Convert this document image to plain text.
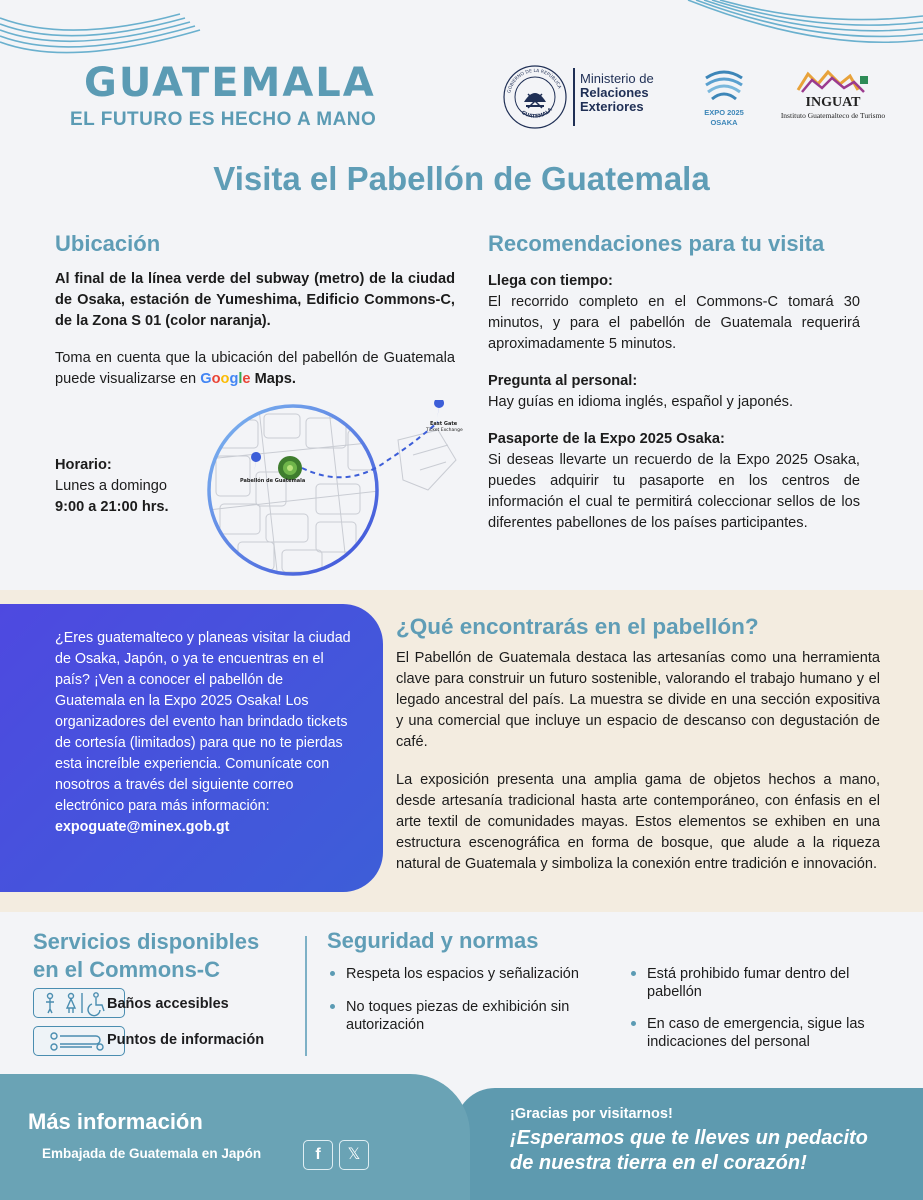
GUATEMALA
EL FUTURO ES HECHO A MANO
GOBIERNO DE LA REPÚBLICA
GUATEMALA
Ministerio de
Relaciones
Exteriores	EXPO 2025
OSAKA
INGUAT
Instituto Guatemalteco de Turismo
Visita el Pabellón de Guatemala
Ubicación
Al final de la línea verde del subway (metro) de la ciudad de Osaka, estación de Yumeshima, Edificio Commons-C, de la Zona S 01 (color naranja).
Toma en cuenta que la ubicación del pabellón de Guatemala puede visualizarse en Google Maps.
Horario:
Lunes a domingo
9:00 a 21:00 hrs.
Pabellón de Guatemala
East Gate
Ticket Exchange
Recomendaciones para tu visita
Llega con tiempo:
El recorrido completo en el Commons-C tomará 30 minutos, y para el pabellón de Guatemala requerirá aproximadamente 5 minutos.
Pregunta al personal:
Hay guías en idioma inglés, español y japonés.
Pasaporte de la Expo 2025 Osaka:
Si deseas llevarte un recuerdo de la Expo 2025 Osaka, puedes adquirir tu pasaporte en los centros de información el cual te permitirá coleccionar sellos de los diferentes pabellones de los países participantes.
¿Eres guatemalteco y planeas visitar la ciudad de Osaka, Japón, o ya te encuentras en el país? ¡Ven a conocer el pabellón de Guatemala en la Expo 2025 Osaka! Los organizadores del evento han brindado tickets de cortesía (limitados) para que no te pierdas esta increíble experiencia. Comunícate con nosotros a través del siguiente correo electrónico para más información:
expoguate@minex.gob.gt
¿Qué encontrarás en el pabellón?
El Pabellón de Guatemala destaca las artesanías como una herramienta clave para construir un futuro sostenible, valorando el trabajo humano y el legado ancestral del país. La muestra se divide en una sección expositiva y una comercial que incluye un espacio de descanso con degustación de café.
La exposición presenta una amplia gama de objetos hechos a mano, desde artesanía tradicional hasta arte contemporáneo, con énfasis en el arte textil de comunidades mayas. Estos elementos se exhiben en una estructura escenográfica en forma de bosque, que alude a la riqueza natural de Guatemala y simboliza la conexión entre tradición e innovación.
Servicios disponibles
en el Commons-C
Baños accesibles
Puntos de información
Seguridad y normas
Respeta los espacios y señalización
No toques piezas de exhibición sin autorización
Está prohibido fumar dentro del pabellón
En caso de emergencia, sigue las indicaciones del personal
Más información
Embajada de Guatemala en Japón	f	𝕏
¡Gracias por visitarnos!
¡Esperamos que te lleves un pedacito
de nuestra tierra en el corazón!
